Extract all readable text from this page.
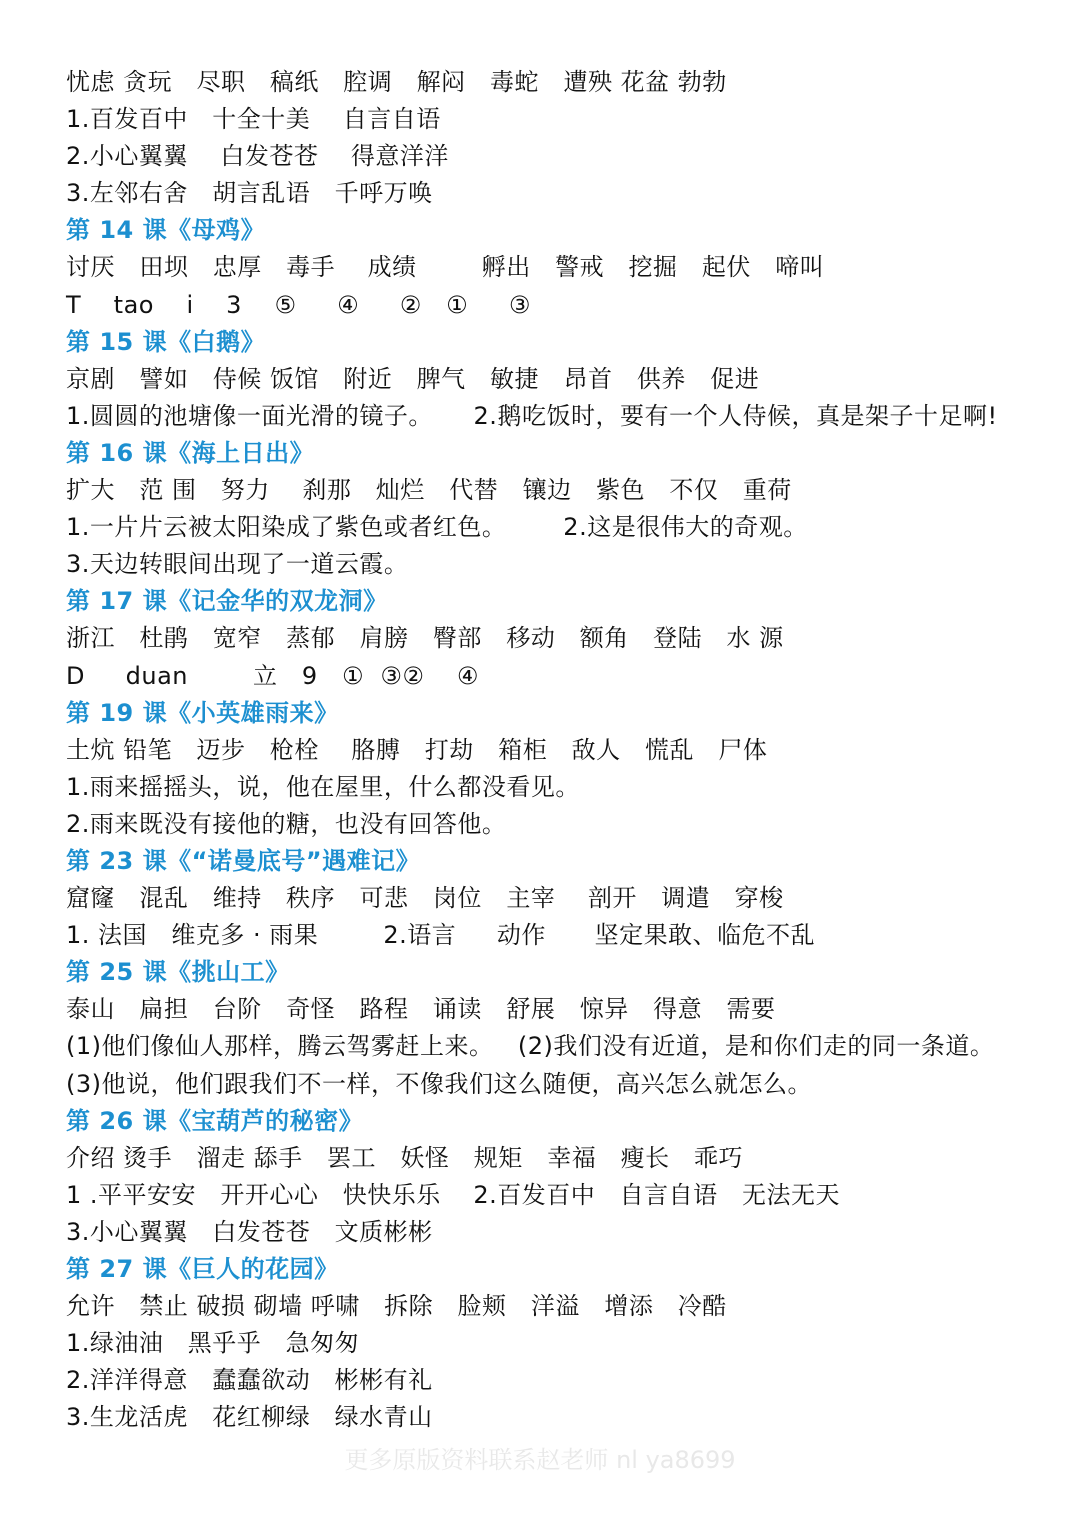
忧虑 贪玩   尽职   稿纸   腔调   解闷   毒蛇   遭殃 花盆 勃勃
1.百发百中   十全十美    自言自语
2.小心翼翼    白发苍苍    得意洋洋
3.左邻右舍   胡言乱语   千呼万唤
第 14 课《母鸡》
讨厌   田坝   忠厚   毒手    成绩        孵出   警戒   挖掘   起伏   啼叫
T    tao    i    3    ⑤     ④     ②   ①     ③
第 15 课《白鹅》
京剧   譬如   侍候 饭馆   附近   脾气   敏捷   昂首   供养   促进
1.圆圆的池塘像一面光滑的镜子。     2.鹅吃饭时，要有一个人侍候，真是架子十足啊!
第 16 课《海上日出》
扩大   范 围   努力    刹那   灿烂   代替   镶边   紫色   不仅   重荷
1.一片片云被太阳染成了紫色或者红色。       2.这是很伟大的奇观。
3.天边转眼间出现了一道云霞。
第 17 课《记金华的双龙洞》
浙江   杜鹃   宽窄   蒸郁   肩膀   臀部   移动   额角   登陆   水 源
D     duan        立   9   ①  ③②    ④
第 19 课《小英雄雨来》
土炕 铅笔   迈步   枪栓    胳膊   打劫   箱柜   敌人   慌乱   尸体
1.雨来摇摇头，说，他在屋里，什么都没看见。
2.雨来既没有接他的糖，也没有回答他。
第 23 课《“诺曼底号”遇难记》
窟窿   混乱   维持   秩序   可悲   岗位   主宰    剖开   调遣   穿梭
1. 法国   维克多 · 雨果        2.语言     动作      坚定果敢、临危不乱
第 25 课《挑山工》
泰山   扁担   台阶   奇怪   路程   诵读   舒展   惊异   得意   需要
(1)他们像仙人那样，腾云驾雾赶上来。   (2)我们没有近道，是和你们走的同一条道。
(3)他说，他们跟我们不一样，不像我们这么随便，高兴怎么就怎么。
第 26 课《宝葫芦的秘密》
介绍 烫手   溜走 舔手   罢工   妖怪   规矩   幸福   瘦长   乖巧
1 .平平安安   开开心心   快快乐乐    2.百发百中   自言自语   无法无天
3.小心翼翼   白发苍苍   文质彬彬
第 27 课《巨人的花园》
允许   禁止 破损 砌墙 呼啸   拆除   脸颊   洋溢   增添   冷酷
1.绿油油   黑乎乎   急匆匆
2.洋洋得意   蠢蠢欲动   彬彬有礼
3.生龙活虎   花红柳绿   绿水青山
更多原版资料联系赵老师 nl ya8699
